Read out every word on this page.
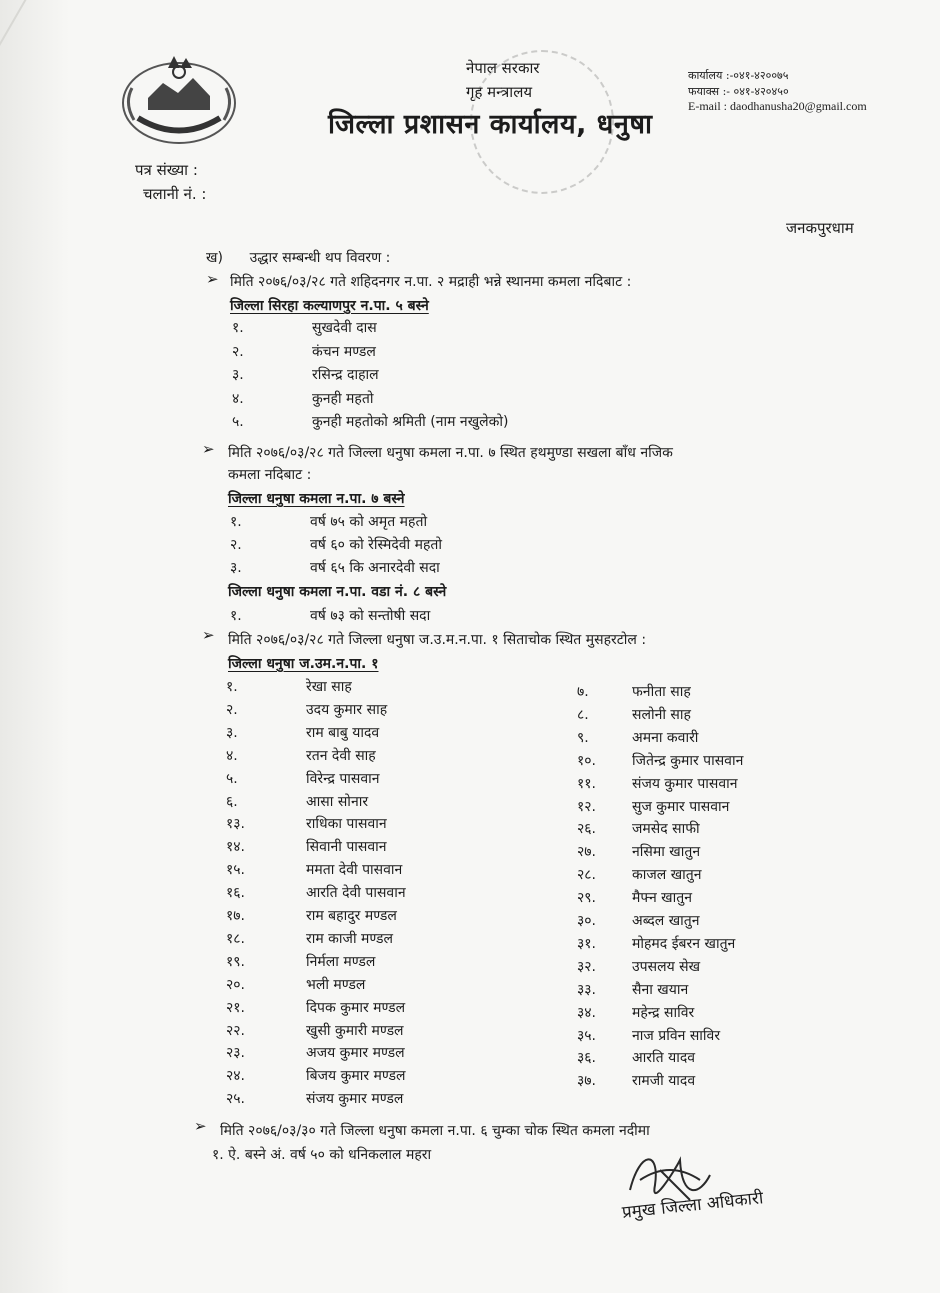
नेपाल सरकार
गृह मन्त्रालय
जिल्ला प्रशासन कार्यालय, धनुषा
कार्यालय :-०४१-४२००७५
फयाक्स :- ०४१-४२०४५०
E-mail : daodhanusha20@gmail.com
पत्र संख्या :
चलानी नं. :
जनकपुरधाम
ख)      उद्धार सम्बन्धी थप विवरण :
➢ मिति २०७६/०३/२८ गते शहिदनगर न.पा. २ मद्राही भन्ने स्थानमा कमला नदिबाट :
जिल्ला सिरहा कल्याणपुर न.पा. ५ बस्ने
१.	सुखदेवी दास
२.	कंचन मण्डल
३.	रसिन्द्र दाहाल
४.	कुनही महतो
५.	कुनही महतोको श्रमिती (नाम नखुलेको)
➢ मिति २०७६/०३/२८ गते जिल्ला धनुषा कमला न.पा. ७ स्थित हथमुण्डा सखला बाँध नजिक
कमला नदिबाट :
जिल्ला धनुषा कमला न.पा. ७ बस्ने
१.	वर्ष ७५ को अमृत महतो
२.	वर्ष ६० को रेस्मिदेवी महतो
३.	वर्ष ६५ कि अनारदेवी सदा
जिल्ला धनुषा कमला न.पा. वडा नं. ८ बस्ने
१.	वर्ष ७३ को सन्तोषी सदा
➢ मिति २०७६/०३/२८ गते जिल्ला धनुषा ज.उ.म.न.पा. १ सिताचोक स्थित मुसहरटोल :
जिल्ला धनुषा ज.उम.न.पा. १
१.	रेखा साह
२.	उदय कुमार साह
३.	राम बाबु यादव
४.	रतन देवी साह
५.	विरेन्द्र पासवान
६.	आसा सोनार
१३.	राधिका पासवान
१४.	सिवानी पासवान
१५.	ममता देवी पासवान
१६.	आरति देवी पासवान
१७.	राम बहादुर मण्डल
१८.	राम काजी मण्डल
१९.	निर्मला मण्डल
२०.	भली मण्डल
२१.	दिपक कुमार मण्डल
२२.	खुसी कुमारी मण्डल
२३.	अजय कुमार मण्डल
२४.	बिजय कुमार मण्डल
२५.	संजय कुमार मण्डल
७.	फनीता साह
८.	सलोनी साह
९.	अमना कवारी
१०.	जितेन्द्र कुमार पासवान
११.	संजय कुमार पासवान
१२.	सुज कुमार पासवान
२६.	जमसेद साफी
२७.	नसिमा खातुन
२८.	काजल खातुन
२९.	मैफ्न खातुन
३०.	अब्दल खातुन
३१.	मोहमद ईबरन खातुन
३२.	उपसलय सेख
३३.	सैना खयान
३४.	महेन्द्र साविर
३५.	नाज प्रविन साविर
३६.	आरति यादव
३७.	रामजी यादव
➢ मिति २०७६/०३/३० गते जिल्ला धनुषा कमला न.पा. ६ चुम्का चोक स्थित कमला नदीमा
१. ऐ. बस्ने अं. वर्ष ५० को धनिकलाल महरा
प्रमुख जिल्ला अधिकारी
